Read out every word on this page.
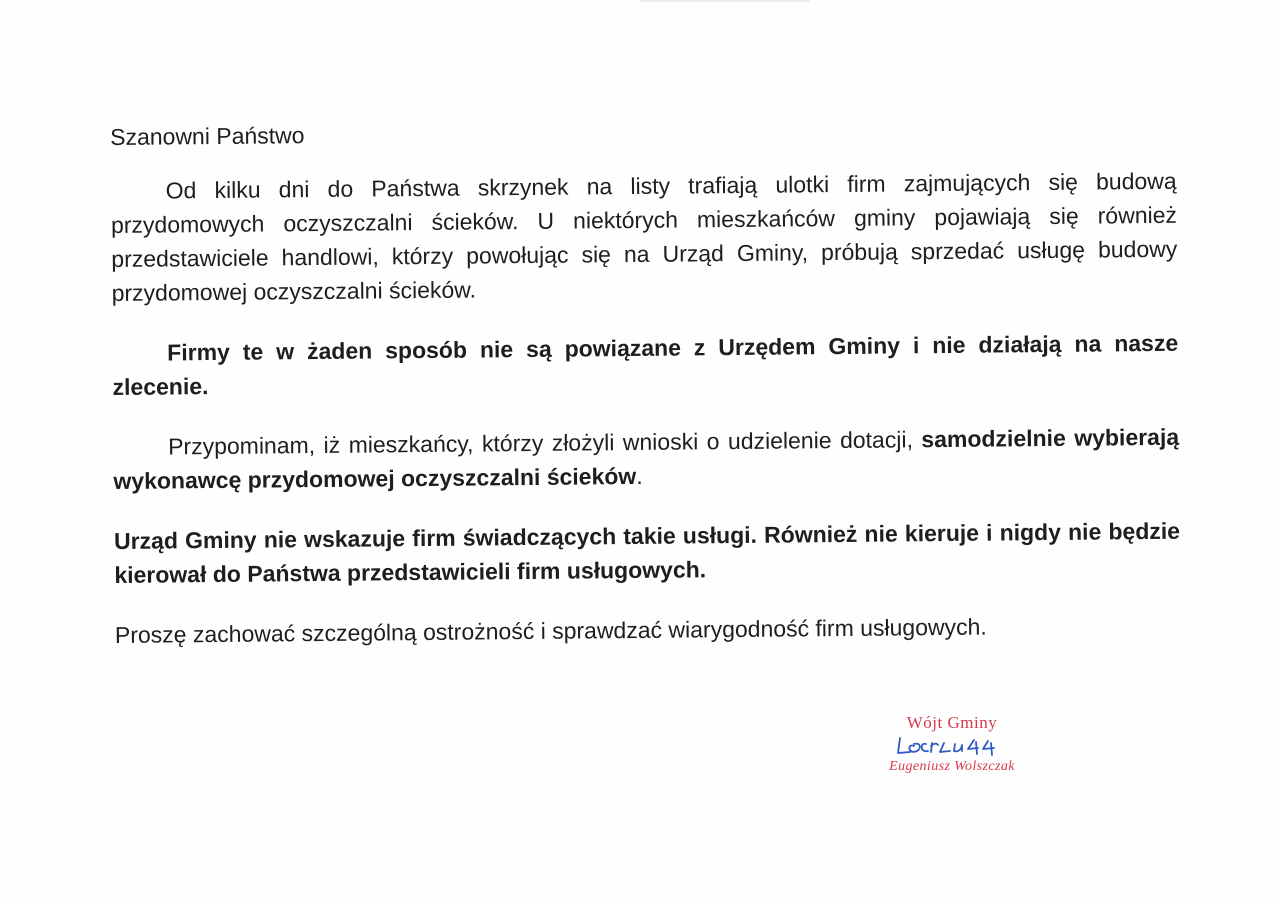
Szanowni Państwo

Od kilku dni do Państwa skrzynek na listy trafiają ulotki firm zajmujących się budową przydomowych oczyszczalni ścieków. U niektórych mieszkańców gminy pojawiają się również przedstawiciele handlowi, którzy powołując się na Urząd Gminy, próbują sprzedać usługę budowy przydomowej oczyszczalni ścieków.

Firmy te w żaden sposób nie są powiązane z Urzędem Gminy i nie działają na nasze zlecenie.

Przypominam, iż mieszkańcy, którzy złożyli wnioski o udzielenie dotacji, samodzielnie wybierają wykonawcę przydomowej oczyszczalni ścieków.

Urząd Gminy nie wskazuje firm świadczących takie usługi. Również nie kieruje i nigdy nie będzie kierował do Państwa przedstawicieli firm usługowych.

Proszę zachować szczególną ostrożność i sprawdzać wiarygodność firm usługowych.

Wójt Gminy
Eugeniusz Wolszczak
